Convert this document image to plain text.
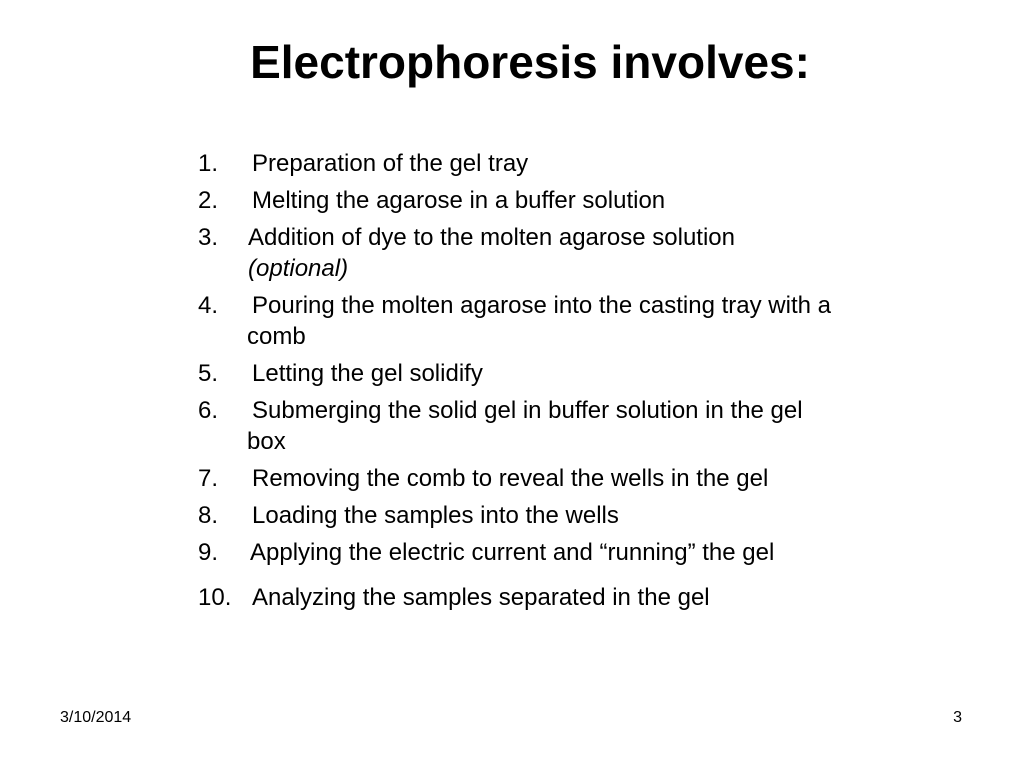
Electrophoresis involves:
1. Preparation of the gel tray
2. Melting the agarose in a buffer solution
3. Addition of dye to the molten agarose solution
(optional)
4. Pouring the molten agarose into the casting tray with a
comb
5. Letting the gel solidify
6. Submerging the solid gel in buffer solution in the gel
box
7. Removing the comb to reveal the wells in the gel
8. Loading the samples into the wells
9. Applying the electric current and “running” the gel
10. Analyzing the samples separated in the gel
3/10/2014	3
